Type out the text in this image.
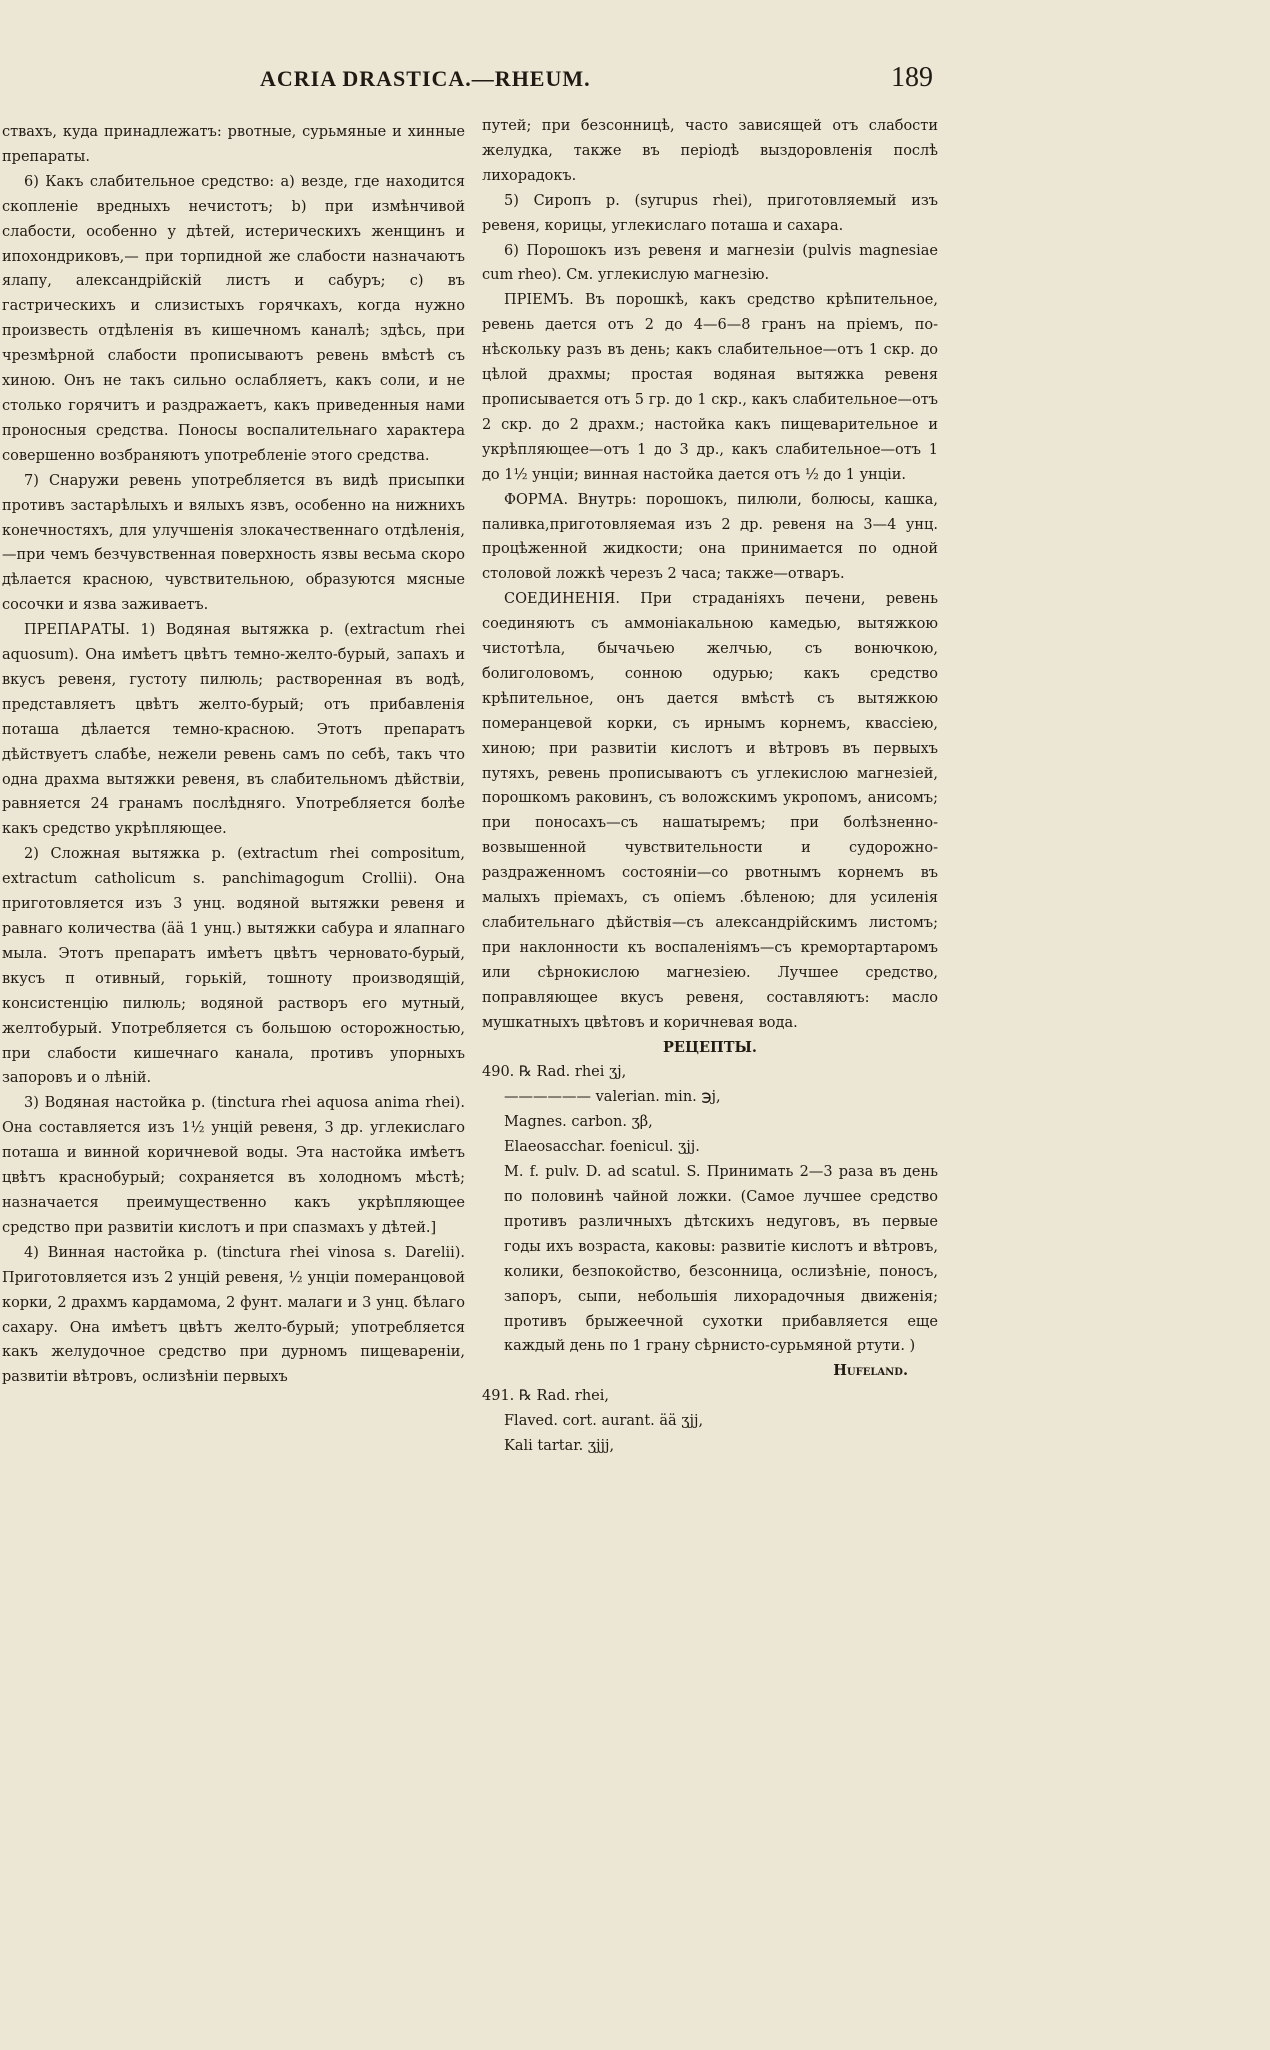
ACRIA DRASTICA.—RHEUM.	189

ствахъ, куда принадлежатъ: рвотные, сурьмяные и хинные препараты.

6) Какъ слабительное средство: a) везде, где находится скопленіе вредныхъ нечистотъ; b) при измѣнчивой слабости, особенно у дѣтей, истерическихъ женщинъ и ипохондриковъ,— при торпидной же слабости назначаютъ ялапу, александрійскій листъ и сабуръ; c) въ гастрическихъ и слизистыхъ горячкахъ, когда нужно произвесть отдѣленія въ кишечномъ каналѣ; здѣсь, при чрезмѣрной слабости прописываютъ ревень вмѣстѣ съ хиною. Онъ не такъ сильно ослабляетъ, какъ соли, и не столько горячитъ и раздражаетъ, какъ приведенныя нами проносныя средства. Поносы воспалительнаго характера совершенно возбраняютъ употребленіе этого средства.

7) Снаружи ревень употребляется въ видѣ присыпки противъ застарѣлыхъ и вялыхъ язвъ, особенно на нижнихъ конечностяхъ, для улучшенія злокачественнаго отдѣленія,—при чемъ безчувственная поверхность язвы весьма скоро дѣлается красною, чувствительною, образуются мясные сосочки и язва заживаетъ.

ПРЕПАРАТЫ. 1) Водяная вытяжка р. (extractum rhei aquosum). Она имѣетъ цвѣтъ темно-желто-бурый, запахъ и вкусъ ревеня, густоту пилюль; растворенная въ водѣ, представляетъ цвѣтъ желто-бурый; отъ прибавленія поташа дѣлается темно-красною. Этотъ препаратъ дѣйствуетъ слабѣе, нежели ревень самъ по себѣ, такъ что одна драхма вытяжки ревеня, въ слабительномъ дѣйствіи, равняется 24 гранамъ послѣдняго. Употребляется болѣе какъ средство укрѣпляющее.

2) Сложная вытяжка р. (extractum rhei compositum, extractum catholicum s. panchimagogum Crollii). Она приготовляется изъ 3 унц. водяной вытяжки ревеня и равнаго количества (ää 1 унц.) вытяжки сабура и ялапнаго мыла. Этотъ препаратъ имѣетъ цвѣтъ черновато-бурый, вкусъ п отивный, горькій, тошноту производящій, консистенцію пилюль; водяной растворъ его мутный, желтобурый. Употребляется съ большою осторожностью, при слабости кишечнаго канала, противъ упорныхъ запоровъ и о лѣній.

3) Водяная настойка р. (tinctura rhei aquosa anima rhei). Она составляется изъ 1½ унцій ревеня, 3 др. углекислаго поташа и винной коричневой воды. Эта настойка имѣетъ цвѣтъ краснобурый; сохраняется въ холодномъ мѣстѣ; назначается преимущественно какъ укрѣпляющее средство при развитіи кислотъ и при спазмахъ у дѣтей.]

4) Винная настойка р. (tinctura rhei vinosa s. Darelii). Приготовляется изъ 2 унцій ревеня, ½ унціи померанцовой корки, 2 драхмъ кардамома, 2 фунт. малаги и 3 унц. бѣлаго сахару. Она имѣетъ цвѣтъ желто-бурый; употребляется какъ желудочное средство при дурномъ пищевареніи, развитіи вѣтровъ, ослизѣніи первыхъ

путей; при безсонницѣ, часто зависящей отъ слабости желудка, также въ періодѣ выздоровленія послѣ лихорадокъ.

5) Сиропъ р. (syrupus rhei), приготовляемый изъ ревеня, корицы, углекислаго поташа и сахара.

6) Порошокъ изъ ревеня и магнезіи (pulvis magnesiae cum rheo). См. углекислую магнезію.

ПРІЕМЪ. Въ порошкѣ, какъ средство крѣпительное, ревень дается отъ 2 до 4—6—8 гранъ на пріемъ, по-нѣскольку разъ въ день; какъ слабительное—отъ 1 скр. до цѣлой драхмы; простая водяная вытяжка ревеня прописывается отъ 5 гр. до 1 скр., какъ слабительное—отъ 2 скр. до 2 драхм.; настойка какъ пищеварительное и укрѣпляющее—отъ 1 до 3 др., какъ слабительное—отъ 1 до 1½ унціи; винная настойка дается отъ ½ до 1 унціи.

ФОРМА. Внутрь: порошокъ, пилюли, болюсы, кашка, паливка,приготовляемая изъ 2 др. ревеня на 3—4 унц. процѣженной жидкости; она принимается по одной столовой ложкѣ черезъ 2 часа; также—отваръ.

СОЕДИНЕНІЯ. При страданіяхъ печени, ревень соединяютъ съ аммоніакальною камедью, вытяжкою чистотѣла, бычачьею желчью, съ вонючкою, болиголовомъ, сонною одурью; какъ средство крѣпительное, онъ дается вмѣстѣ съ вытяжкою померанцевой корки, съ ирнымъ корнемъ, квассіею, хиною; при развитіи кислотъ и вѣтровъ въ первыхъ путяхъ, ревень прописываютъ съ углекислою магнезіей, порошкомъ раковинъ, съ воложскимъ укропомъ, анисомъ; при поносахъ—съ нашатыремъ; при болѣзненно-возвышенной чувствительности и судорожно-раздраженномъ состояніи—со рвотнымъ корнемъ въ малыхъ пріемахъ, съ опіемъ .бѣленою; для усиленія слабительнаго дѣйствія—съ александрійскимъ листомъ; при наклонности къ воспаленіямъ—съ кремортартаромъ или сѣрнокислою магнезіею. Лучшее средство, поправляющее вкусъ ревеня, составляютъ: масло мушкатныхъ цвѣтовъ и коричневая вода.

РЕЦЕПТЫ.

490. ℞ Rad. rhei ʒj,

—————— valerian. min. ℈j,

Magnes. carbon. ʒβ,

Elaeosacchar. foenicul. ʒjj.

M. f. pulv. D. ad scatul. S. Принимать 2—3 раза въ день по половинѣ чайной ложки. (Самое лучшее средство противъ различныхъ дѣтскихъ недуговъ, въ первые годы ихъ возраста, каковы: развитіе кислотъ и вѣтровъ, колики, безпокойство, безсонница, ослизѣніе, поносъ, запоръ, сыпи, небольшія лихорадочныя движенія; противъ брыжеечной сухотки прибавляется еще каждый день по 1 грану сѣрнисто-сурьмяной ртути. )

Hufeland.

491. ℞ Rad. rhei,

Flaved. cort. aurant. ää ʒjj,

Kali tartar. ʒjjj,
